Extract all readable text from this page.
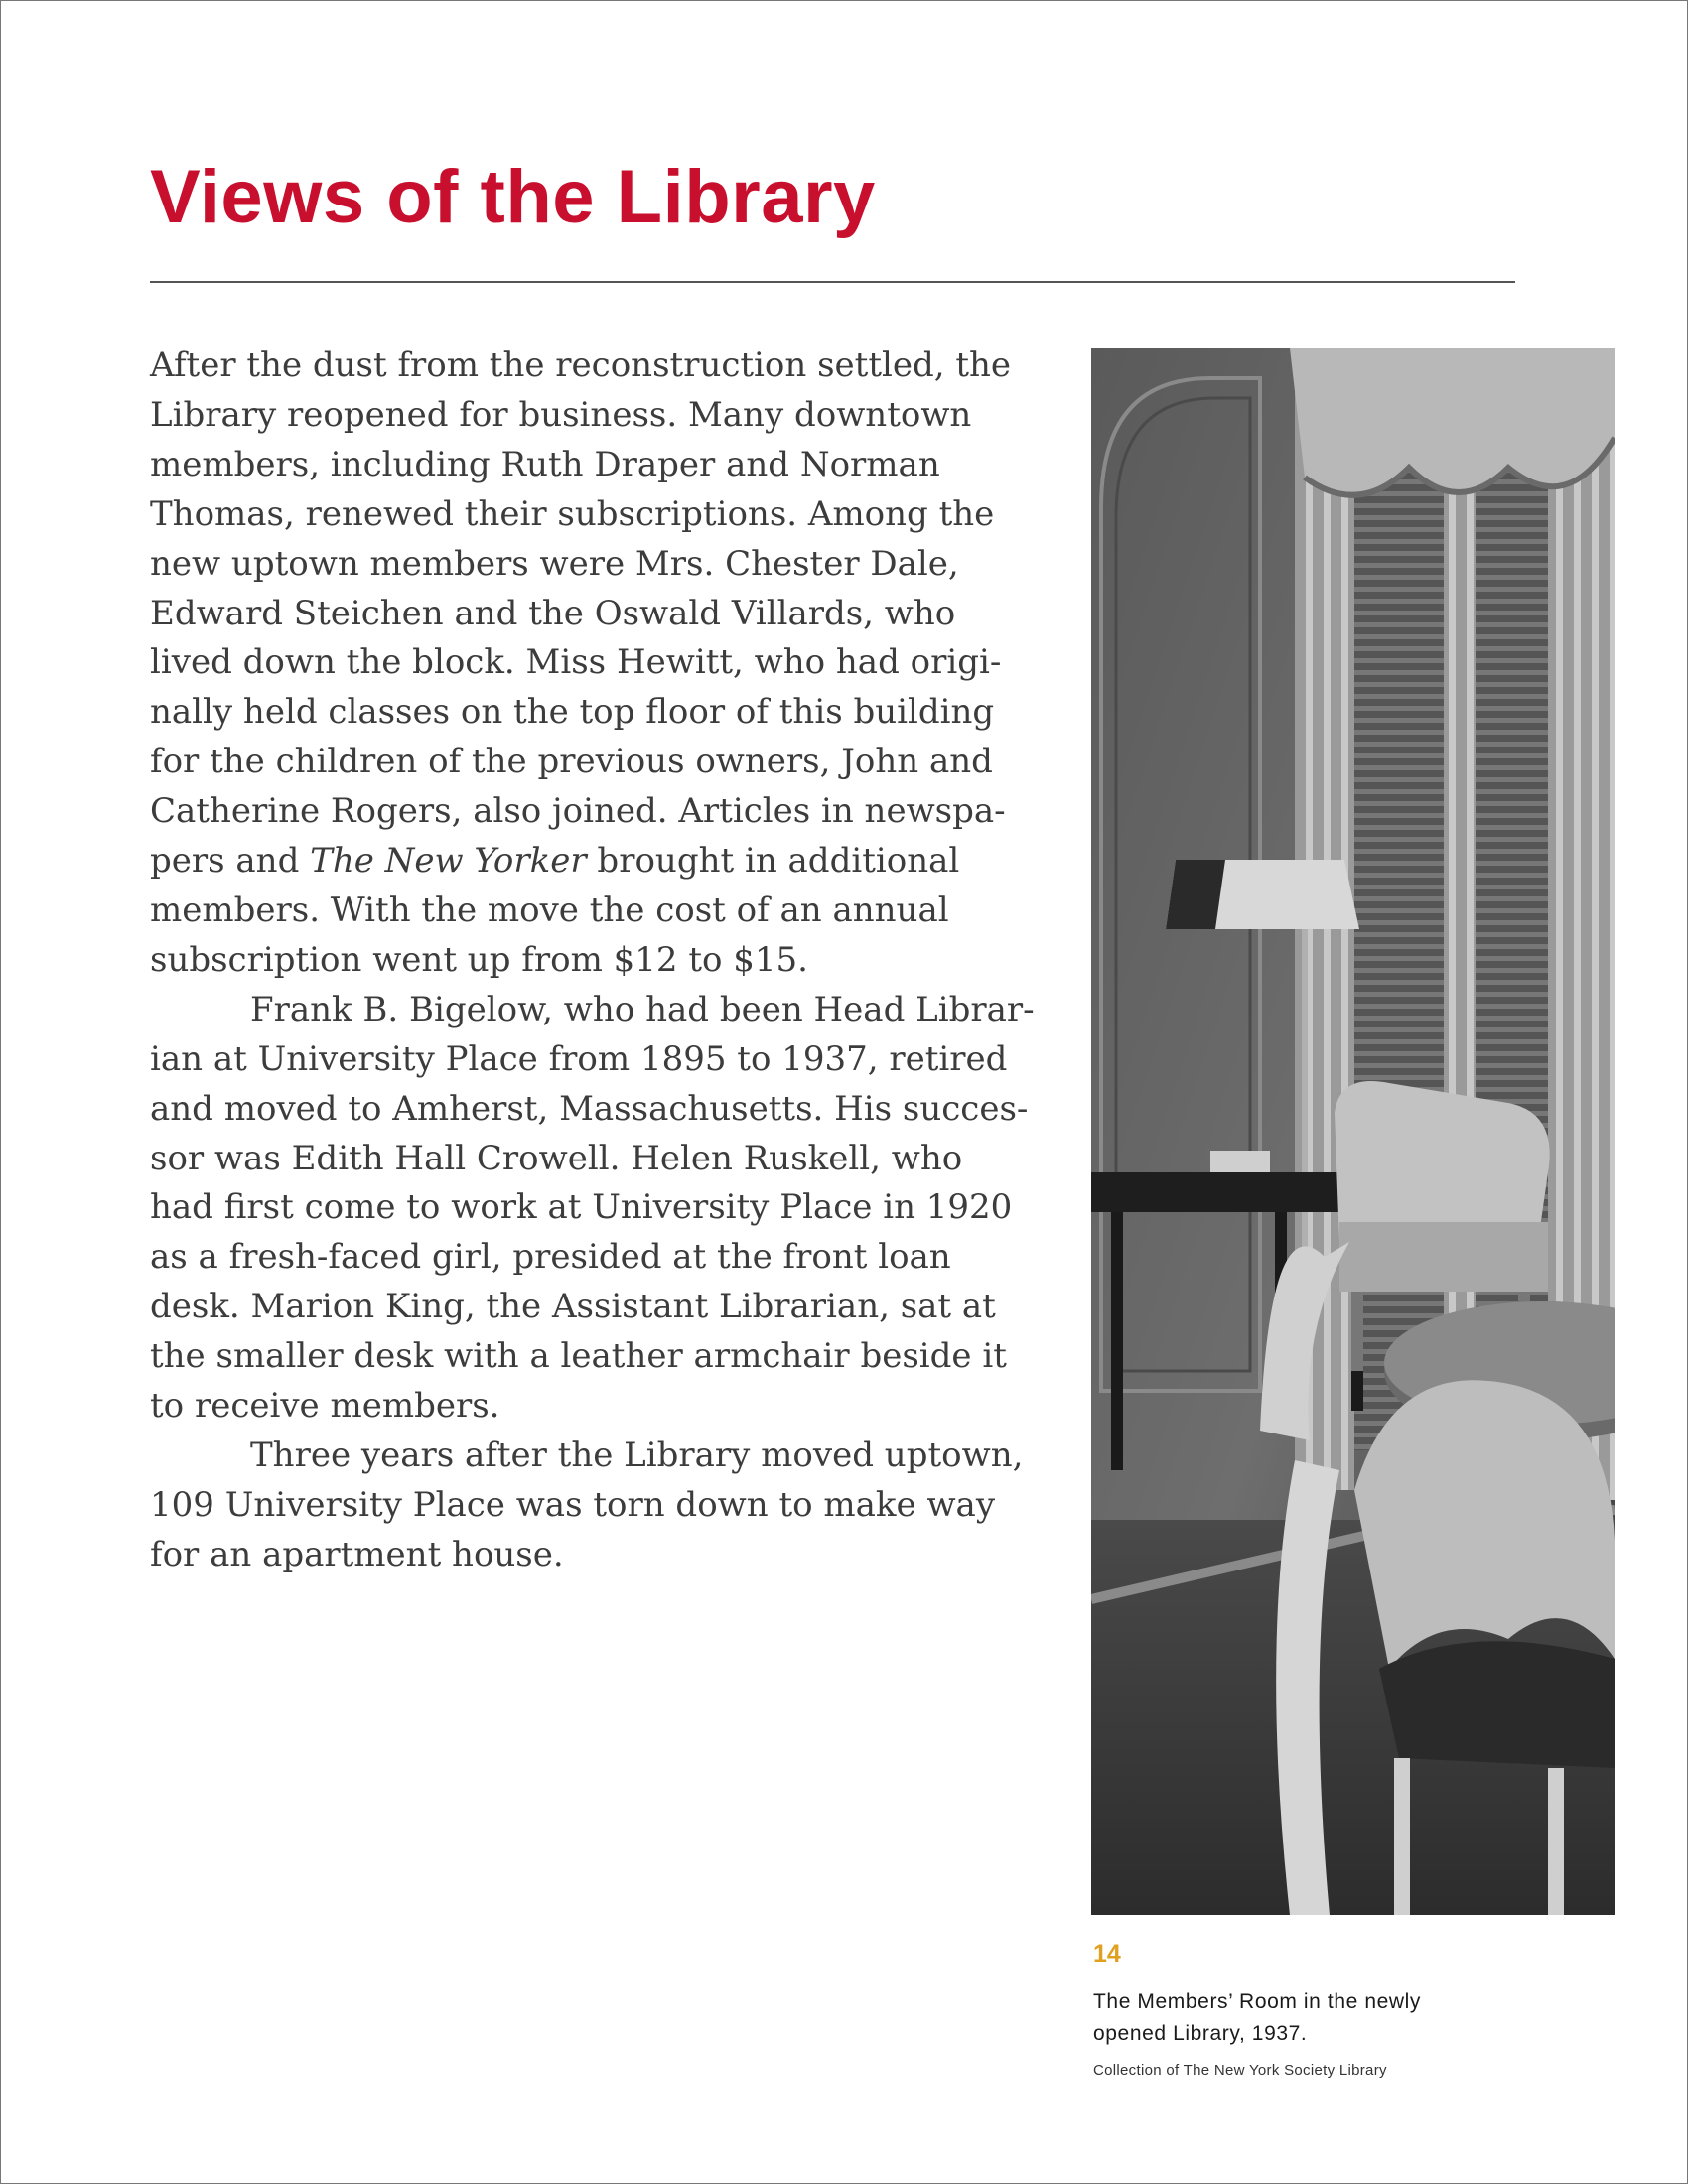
Views of the Library
After the dust from the reconstruction settled, the
Library reopened for business. Many downtown
members, including Ruth Draper and Norman
Thomas, renewed their subscriptions. Among the
new uptown members were Mrs. Chester Dale,
Edward Steichen and the Oswald Villards, who
lived down the block. Miss Hewitt, who had origi-
nally held classes on the top floor of this building
for the children of the previous owners, John and
Catherine Rogers, also joined. Articles in newspa-
pers and The New Yorker brought in additional
members. With the move the cost of an annual
subscription went up from $12 to $15.
Frank B. Bigelow, who had been Head Librar-
ian at University Place from 1895 to 1937, retired
and moved to Amherst, Massachusetts. His succes-
sor was Edith Hall Crowell. Helen Ruskell, who
had first come to work at University Place in 1920
as a fresh-faced girl, presided at the front loan
desk. Marion King, the Assistant Librarian, sat at
the smaller desk with a leather armchair beside it
to receive members.
Three years after the Library moved uptown,
109 University Place was torn down to make way
for an apartment house.
14
The Members’ Room in the newly
opened Library, 1937.
Collection of The New York Society Library
